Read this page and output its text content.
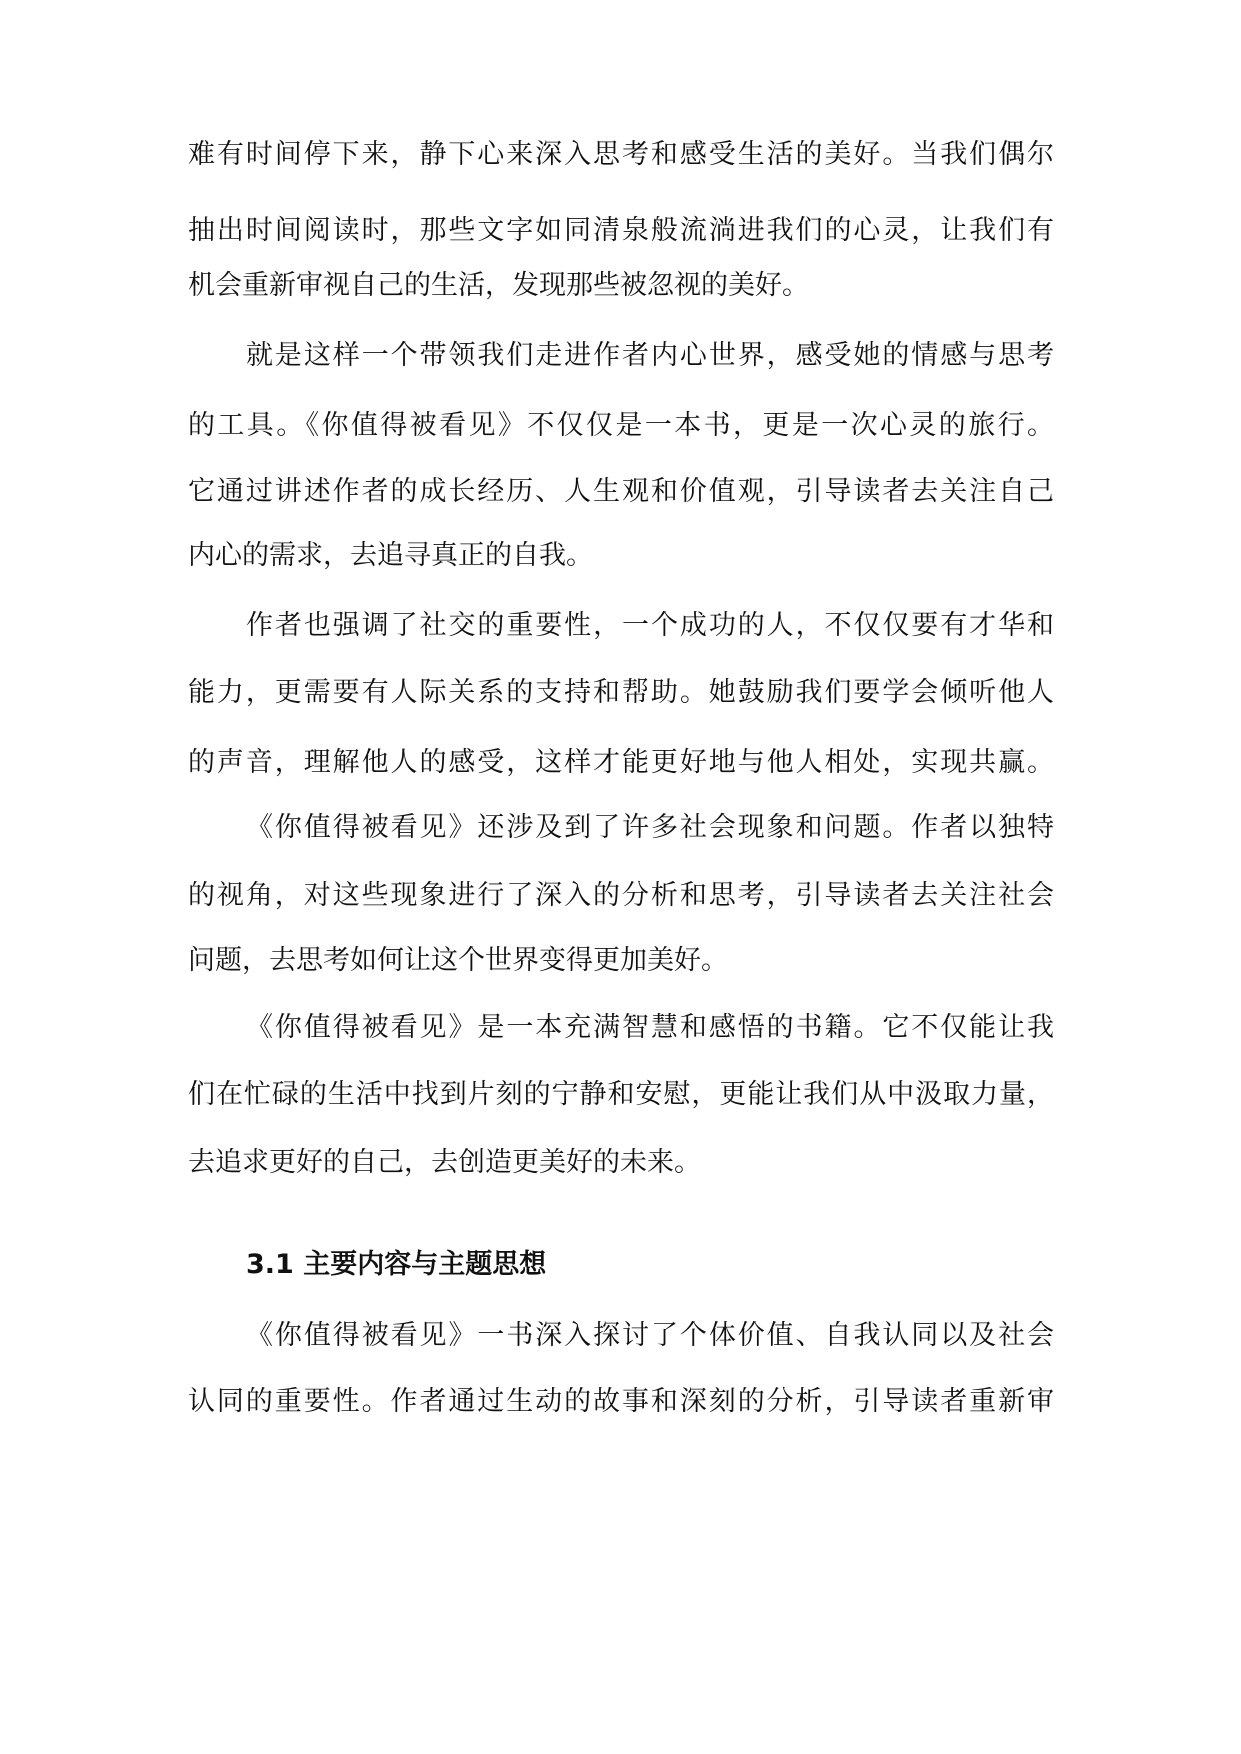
难有时间停下来，静下心来深入思考和感受生活的美好。当我们偶尔
抽出时间阅读时，那些文字如同清泉般流淌进我们的心灵，让我们有
机会重新审视自己的生活，发现那些被忽视的美好。
就是这样一个带领我们走进作者内心世界，感受她的情感与思考
的工具。《你值得被看见》不仅仅是一本书，更是一次心灵的旅行。
它通过讲述作者的成长经历、人生观和价值观，引导读者去关注自己
内心的需求，去追寻真正的自我。
作者也强调了社交的重要性，一个成功的人，不仅仅要有才华和
能力，更需要有人际关系的支持和帮助。她鼓励我们要学会倾听他人
的声音，理解他人的感受，这样才能更好地与他人相处，实现共赢。
《你值得被看见》还涉及到了许多社会现象和问题。作者以独特
的视角，对这些现象进行了深入的分析和思考，引导读者去关注社会
问题，去思考如何让这个世界变得更加美好。
《你值得被看见》是一本充满智慧和感悟的书籍。它不仅能让我
们在忙碌的生活中找到片刻的宁静和安慰，更能让我们从中汲取力量，
去追求更好的自己，去创造更美好的未来。
3.1 主要内容与主题思想
《你值得被看见》一书深入探讨了个体价值、自我认同以及社会
认同的重要性。作者通过生动的故事和深刻的分析，引导读者重新审
